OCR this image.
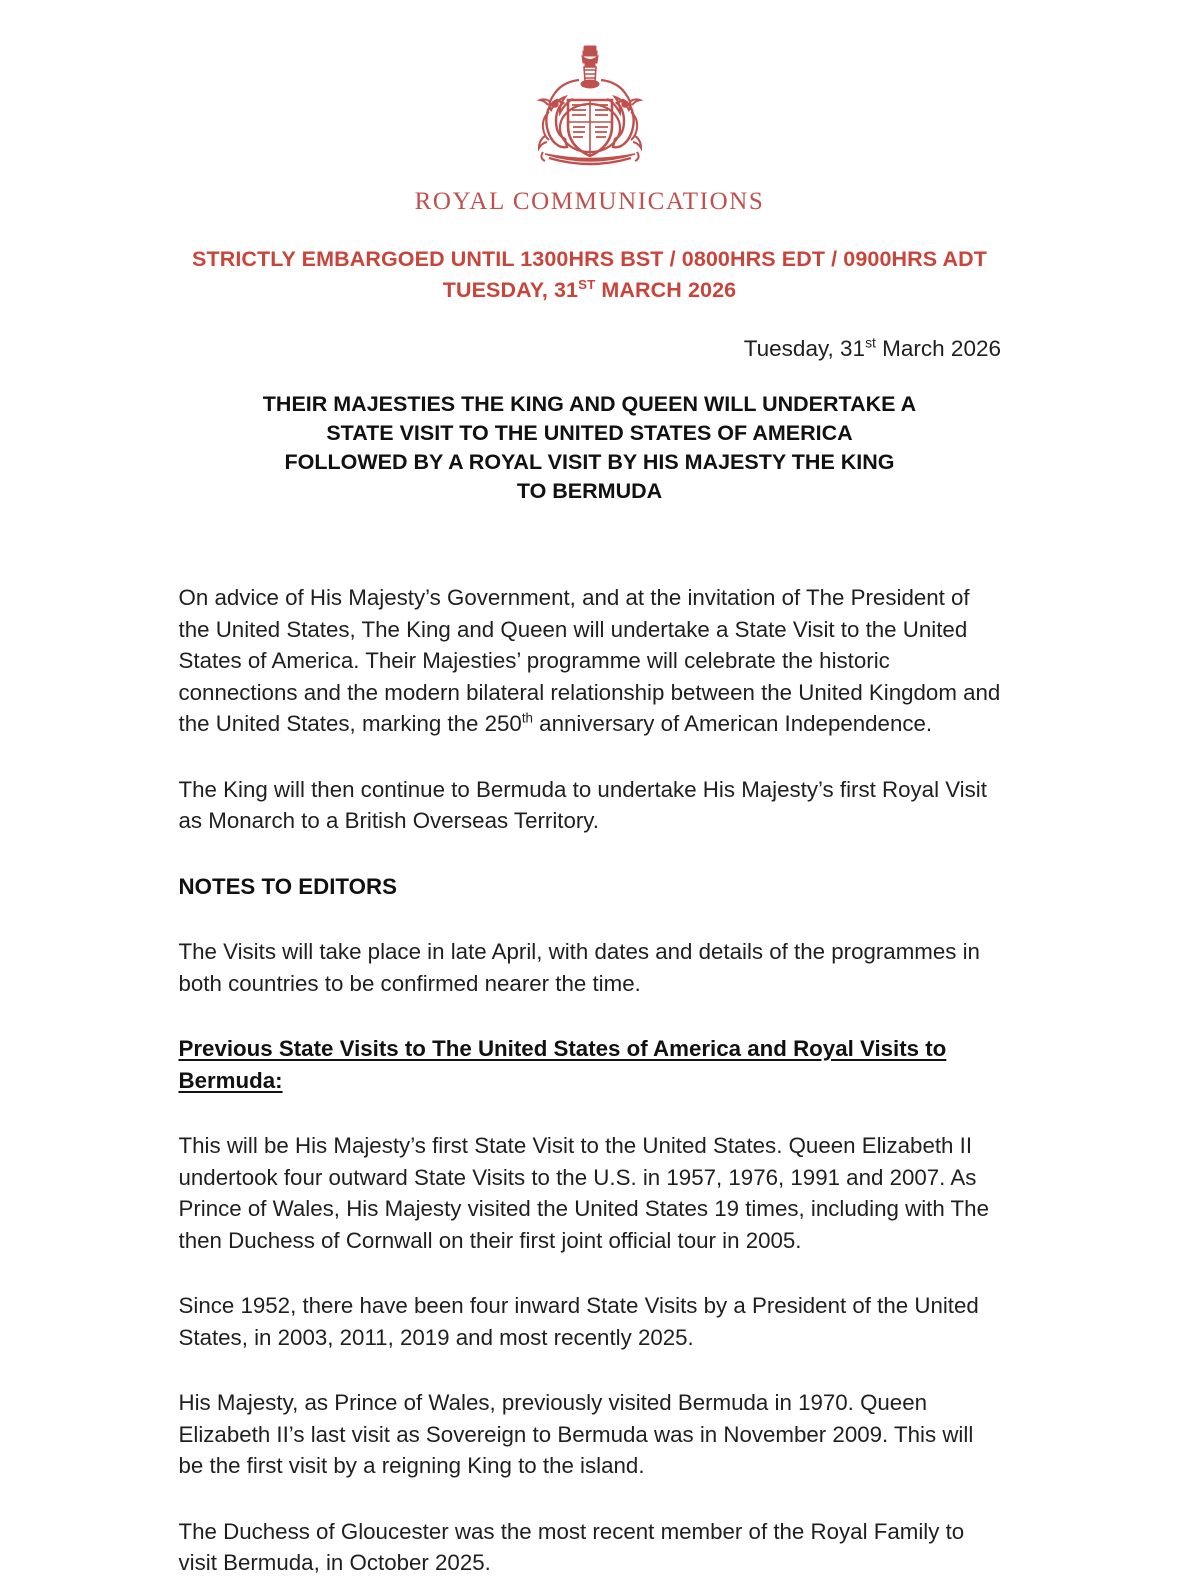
ROYAL COMMUNICATIONS
STRICTLY EMBARGOED UNTIL 1300HRS BST / 0800HRS EDT / 0900HRS ADT
TUESDAY, 31ST MARCH 2026
Tuesday, 31st March 2026
THEIR MAJESTIES THE KING AND QUEEN WILL UNDERTAKE A
STATE VISIT TO THE UNITED STATES OF AMERICA
FOLLOWED BY A ROYAL VISIT BY HIS MAJESTY THE KING
TO BERMUDA

On advice of His Majesty’s Government, and at the invitation of The President of the United States, The King and Queen will undertake a State Visit to the United States of America. Their Majesties’ programme will celebrate the historic connections and the modern bilateral relationship between the United Kingdom and the United States, marking the 250th anniversary of American Independence.

The King will then continue to Bermuda to undertake His Majesty’s first Royal Visit as Monarch to a British Overseas Territory.

NOTES TO EDITORS

The Visits will take place in late April, with dates and details of the programmes in both countries to be confirmed nearer the time.

Previous State Visits to The United States of America and Royal Visits to Bermuda:

This will be His Majesty’s first State Visit to the United States. Queen Elizabeth II undertook four outward State Visits to the U.S. in 1957, 1976, 1991 and 2007. As Prince of Wales, His Majesty visited the United States 19 times, including with The then Duchess of Cornwall on their first joint official tour in 2005.

Since 1952, there have been four inward State Visits by a President of the United States, in 2003, 2011, 2019 and most recently 2025.

His Majesty, as Prince of Wales, previously visited Bermuda in 1970. Queen Elizabeth II’s last visit as Sovereign to Bermuda was in November 2009. This will be the first visit by a reigning King to the island.

The Duchess of Gloucester was the most recent member of the Royal Family to visit Bermuda, in October 2025.
